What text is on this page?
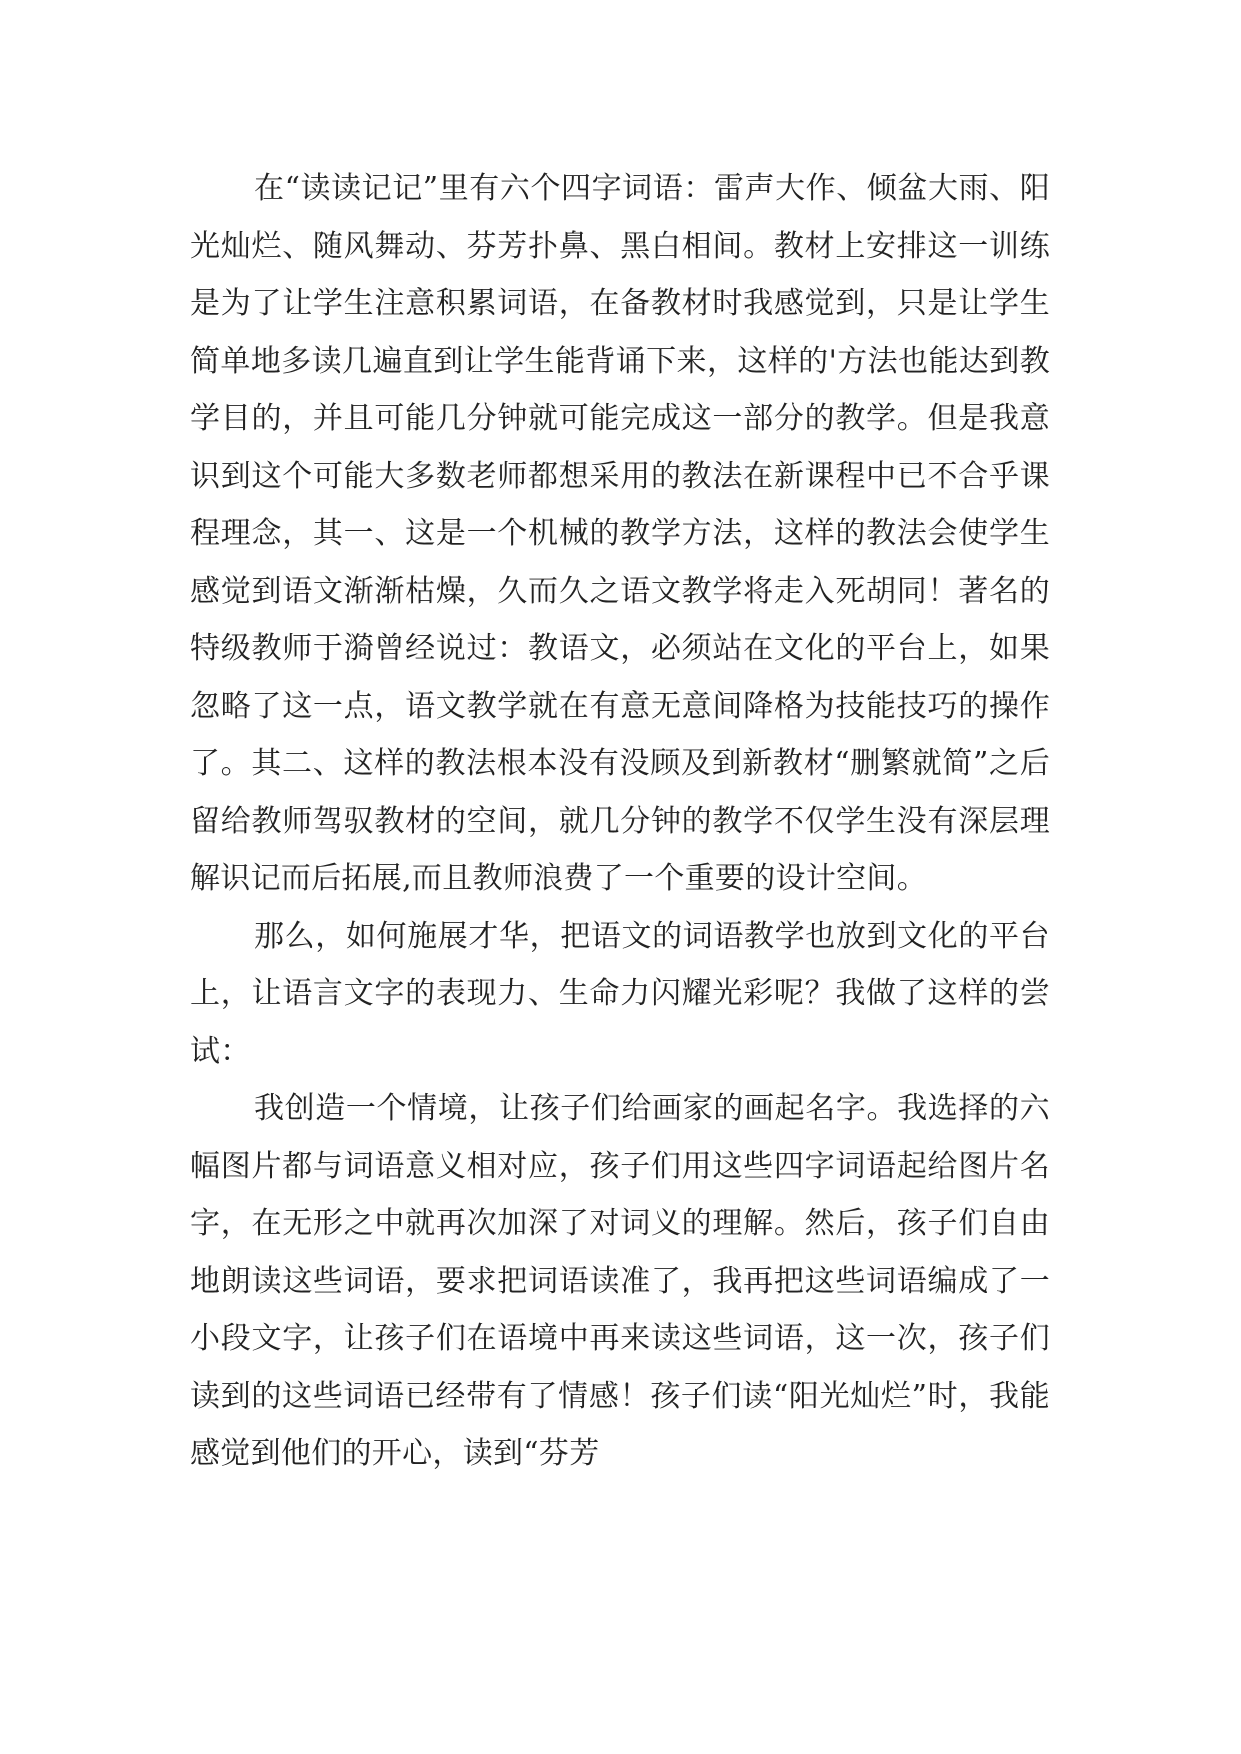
在“读读记记”里有六个四字词语：雷声大作、倾盆大雨、阳光灿烂、随风舞动、芬芳扑鼻、黑白相间。教材上安排这一训练是为了让学生注意积累词语，在备教材时我感觉到，只是让学生简单地多读几遍直到让学生能背诵下来，这样的'方法也能达到教学目的，并且可能几分钟就可能完成这一部分的教学。但是我意识到这个可能大多数老师都想采用的教法在新课程中已不合乎课程理念，其一、这是一个机械的教学方法，这样的教法会使学生感觉到语文渐渐枯燥，久而久之语文教学将走入死胡同！著名的特级教师于漪曾经说过：教语文，必须站在文化的平台上，如果忽略了这一点，语文教学就在有意无意间降格为技能技巧的操作了。其二、这样的教法根本没有没顾及到新教材“删繁就简”之后留给教师驾驭教材的空间，就几分钟的教学不仅学生没有深层理解识记而后拓展,而且教师浪费了一个重要的设计空间。

那么，如何施展才华，把语文的词语教学也放到文化的平台上，让语言文字的表现力、生命力闪耀光彩呢？我做了这样的尝试：

我创造一个情境，让孩子们给画家的画起名字。我选择的六幅图片都与词语意义相对应，孩子们用这些四字词语起给图片名字，在无形之中就再次加深了对词义的理解。然后，孩子们自由地朗读这些词语，要求把词语读准了，我再把这些词语编成了一小段文字，让孩子们在语境中再来读这些词语，这一次，孩子们读到的这些词语已经带有了情感！孩子们读“阳光灿烂”时，我能感觉到他们的开心，读到“芬芳
